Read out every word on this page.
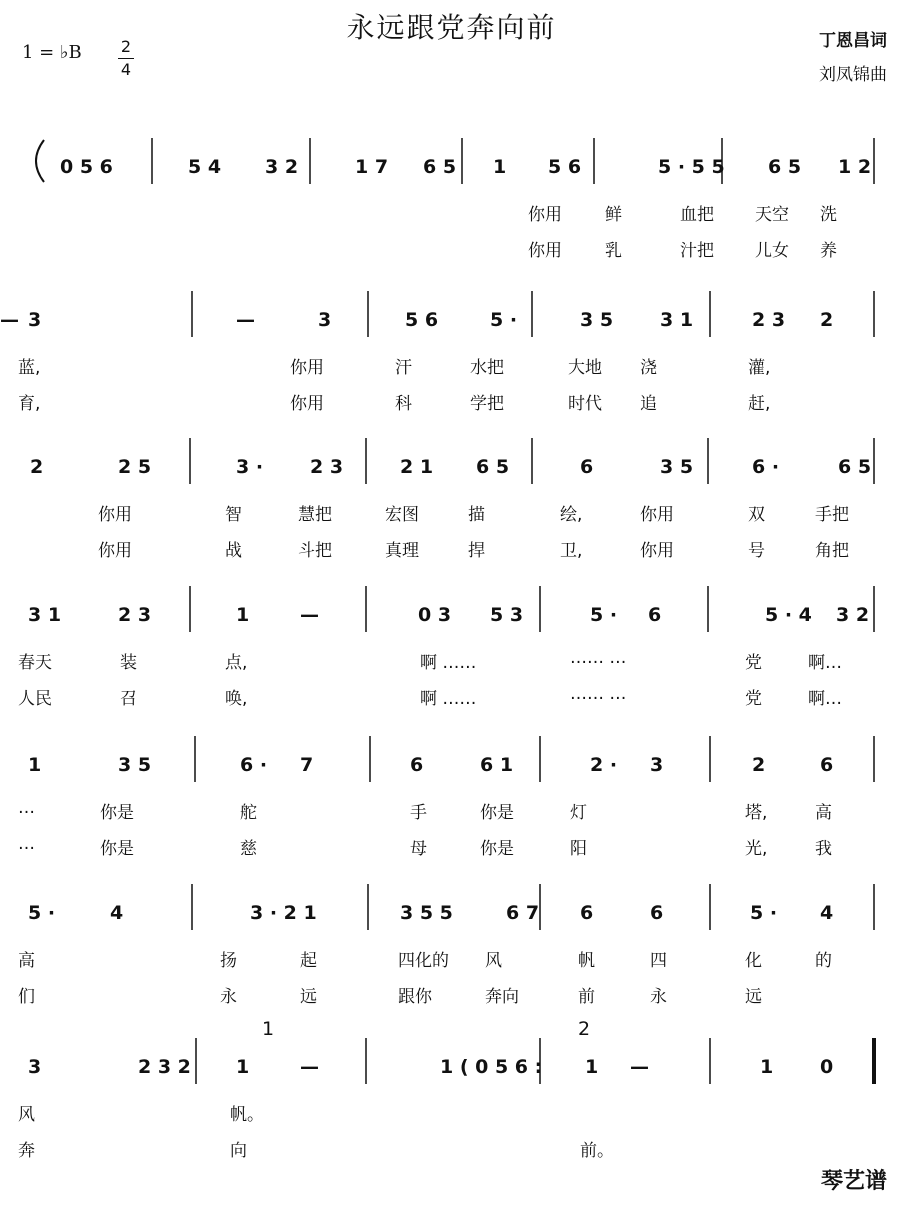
永远跟党奔向前
1 = ♭B 2
4
丁恩昌词
刘凤锦曲
0 5 6	5 4 3 2	1 7 6 5 1 5 6	5 · 5 5 6 5 1 2
你用	鲜	血把 天空 洗
你用	乳	汁把 儿女 养
3	—	3	5 6	5 ·	3 5 3 1	2 3 2
—
蓝,	你用	汗	水把	大地 浇	灌,
育,	你用	科	学把	时代 追	赶,
2	2 5	3 · 2 3	2 1 6 5	6	3 5	6 ·	6 5
你用	智	慧把	宏图	描	绘,	你用	双	手把
你用	战	斗把	真理	捍	卫,	你用	号	角把
3 1	2 3	1	—	0 3 5 3	5 · 6	5 · 4 3 2
春天	装	点,	啊 ……	…… …	党	啊…
人民	召	唤,	啊 ……	…… …	党	啊…
1	3 5	6 · 7	6	6 1	2 · 3	2	6
…	你是	舵	手	你是	灯	塔,	高
…	你是	慈	母	你是	阳	光,	我
5 ·	4	3 · 2 1	3 5 5	6 7 6	6	5 · 4
高	扬	起	四化的 风	帆	四	化	的
们	永	远	跟你	奔向	前	永	远
3	2 3 2 1	—	1 ( 0 5 6 : 1 —	1 0
1	2
风	帆。
奔	向	前。
琴艺谱
